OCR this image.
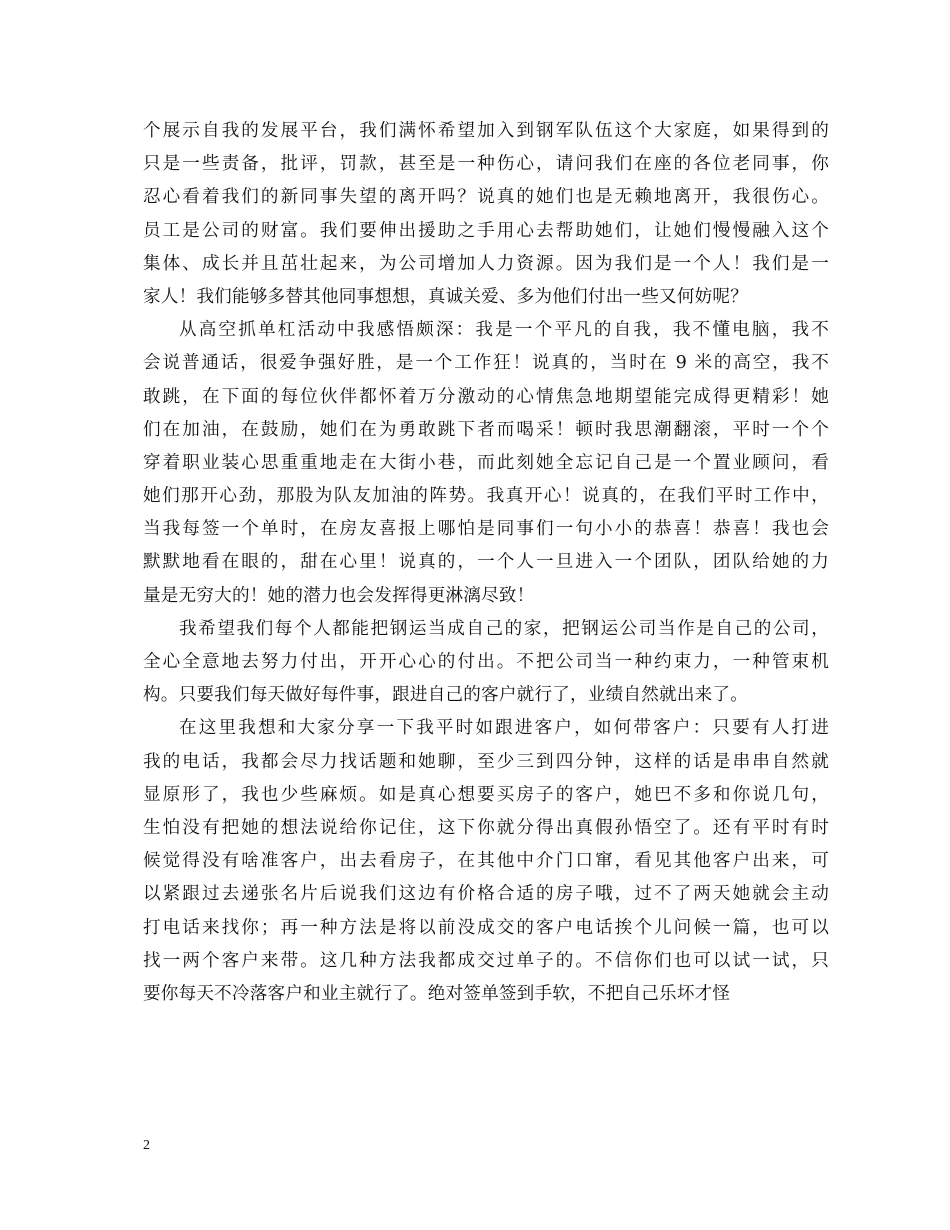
个展示自我的发展平台，我们满怀希望加入到钢军队伍这个大家庭，如果得到的
只是一些责备，批评，罚款，甚至是一种伤心，请问我们在座的各位老同事，你
忍心看着我们的新同事失望的离开吗？说真的她们也是无赖地离开，我很伤心。
员工是公司的财富。我们要伸出援助之手用心去帮助她们，让她们慢慢融入这个
集体、成长并且茁壮起来，为公司增加人力资源。因为我们是一个人！我们是一
家人！我们能够多替其他同事想想，真诚关爱、多为他们付出一些又何妨呢？
从高空抓单杠活动中我感悟颇深：我是一个平凡的自我，我不懂电脑，我不
会说普通话，很爱争强好胜，是一个工作狂！说真的，当时在 9 米的高空，我不
敢跳，在下面的每位伙伴都怀着万分激动的心情焦急地期望能完成得更精彩！她
们在加油，在鼓励，她们在为勇敢跳下者而喝采！顿时我思潮翻滚，平时一个个
穿着职业装心思重重地走在大街小巷，而此刻她全忘记自己是一个置业顾问，看
她们那开心劲，那股为队友加油的阵势。我真开心！说真的，在我们平时工作中，
当我每签一个单时，在房友喜报上哪怕是同事们一句小小的恭喜！恭喜！我也会
默默地看在眼的，甜在心里！说真的，一个人一旦进入一个团队，团队给她的力
量是无穷大的！她的潜力也会发挥得更淋漓尽致！
我希望我们每个人都能把钢运当成自己的家，把钢运公司当作是自己的公司，
全心全意地去努力付出，开开心心的付出。不把公司当一种约束力，一种管束机
构。只要我们每天做好每件事，跟进自己的客户就行了，业绩自然就出来了。
在这里我想和大家分享一下我平时如跟进客户，如何带客户：只要有人打进
我的电话，我都会尽力找话题和她聊，至少三到四分钟，这样的话是串串自然就
显原形了，我也少些麻烦。如是真心想要买房子的客户，她巴不多和你说几句，
生怕没有把她的想法说给你记住，这下你就分得出真假孙悟空了。还有平时有时
候觉得没有啥准客户，出去看房子，在其他中介门口窜，看见其他客户出来，可
以紧跟过去递张名片后说我们这边有价格合适的房子哦，过不了两天她就会主动
打电话来找你；再一种方法是将以前没成交的客户电话挨个儿问候一篇，也可以
找一两个客户来带。这几种方法我都成交过单子的。不信你们也可以试一试，只
要你每天不冷落客户和业主就行了。绝对签单签到手软，不把自己乐坏才怪
2
